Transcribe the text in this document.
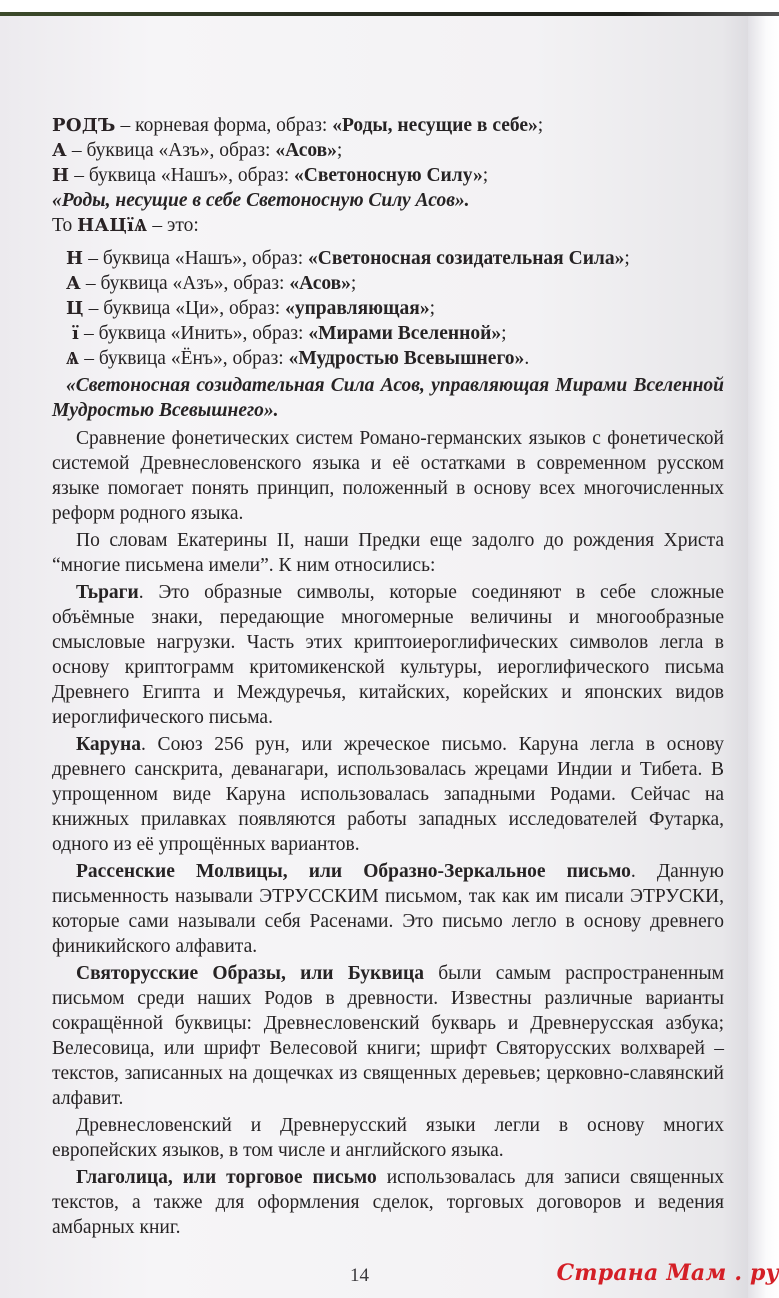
РОДЪ – корневая форма, образ: «Роды, несущие в себе»;
А – буквица «Азъ», образ: «Асов»;
Н – буквица «Нашъ», образ: «Светоносную Силу»;
«Роды, несущие в себе Светоносную Силу Асов».
То НАЦїѦ – это:
Н – буквица «Нашъ», образ: «Светоносная созидательная Сила»;
А – буквица «Азъ», образ: «Асов»;
Ц – буквица «Ци», образ: «управляющая»;
ї – буквица «Инить», образ: «Мирами Вселенной»;
Ѧ – буквица «Ёнъ», образ: «Мудростью Всевышнего».

«Светоносная созидательная Сила Асов, управляющая Мирами Вселенной Мудростью Всевышнего».

Сравнение фонетических систем Романо-германских языков с фонетической системой Древнесловенского языка и её остатками в современном русском языке помогает понять принцип, положенный в основу всех многочисленных реформ родного языка.

По словам Екатерины II, наши Предки еще задолго до рождения Христа “многие письмена имели”. К ним относились:

Тьраги. Это образные символы, которые соединяют в себе сложные объёмные знаки, передающие многомерные величины и многообразные смысловые нагрузки. Часть этих криптоиероглифических символов легла в основу криптограмм критомикенской культуры, иероглифического письма Древнего Египта и Междуречья, китайских, корейских и японских видов иероглифического письма.

Каруна. Союз 256 рун, или жреческое письмо. Каруна легла в основу древнего санскрита, деванагари, использовалась жрецами Индии и Тибета. В упрощенном виде Каруна использовалась западными Родами. Сейчас на книжных прилавках появляются работы западных исследователей Футарка, одного из её упрощённых вариантов.

Рассенские Молвицы, или Образно-Зеркальное письмо. Данную письменность называли ЭТРУССКИМ письмом, так как им писали ЭТРУСКИ, которые сами называли себя Расенами. Это письмо легло в основу древнего финикийского алфавита.

Святорусские Образы, или Буквица были самым распространенным письмом среди наших Родов в древности. Известны различные варианты сокращённой буквицы: Древнесловенский букварь и Древнерусская азбука; Велесовица, или шрифт Велесовой книги; шрифт Святорусских волхварей – текстов, записанных на дощечках из священных деревьев; церковно-славянский алфавит.

Древнесловенский и Древнерусский языки легли в основу многих европейских языков, в том числе и английского языка.

Глаголица, или торговое письмо использовалась для записи священных текстов, а также для оформления сделок, торговых договоров и ведения амбарных книг.

14	Страна Мам . ру
